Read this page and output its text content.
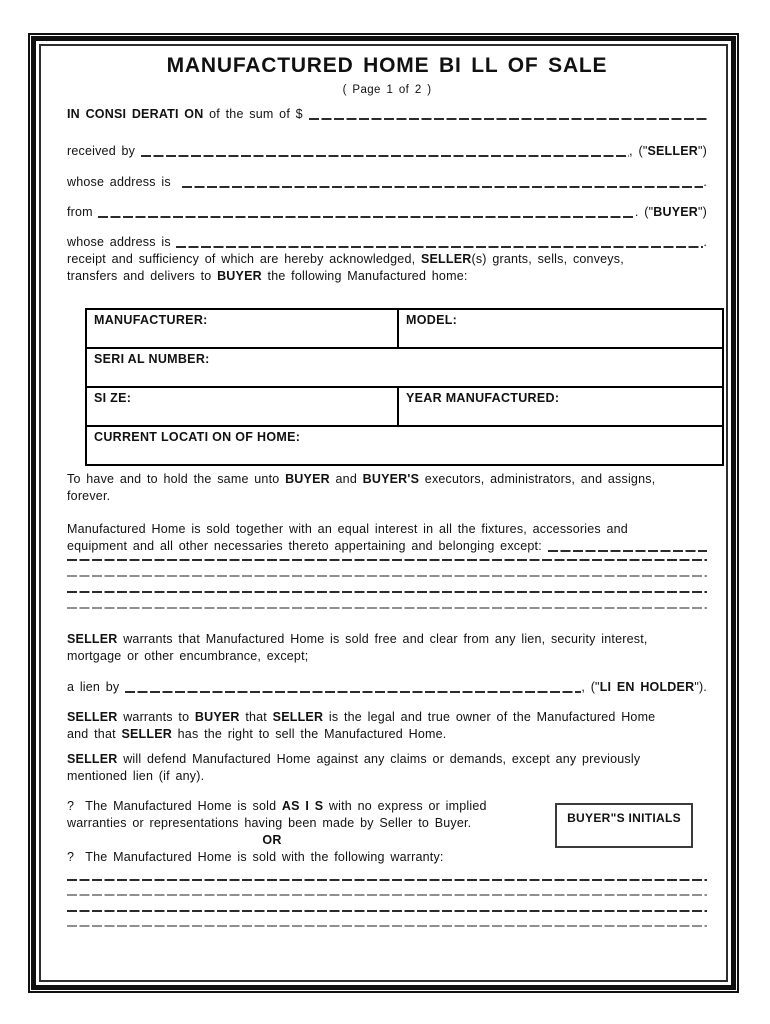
MANUFACTURED HOME BI LL OF SALE
( Page 1 of 2 )
IN CONSI DERATI ON of the sum of $
received by	, (" SELLER ")
whose address is	.
from	. (" BUYER ")
whose address is	.
receipt and sufficiency of which are hereby acknowledged, SELLER(s) grants, sells, conveys,
transfers and delivers to BUYER the following Manufactured home:
MANUFACTURER:	MODEL:
SERI AL NUMBER:	
SI ZE:	YEAR MANUFACTURED:
CURRENT LOCATI ON OF HOME:	
To have and to hold the same unto BUYER and BUYER'S executors, administrators, and assigns,
forever.
Manufactured Home is sold together with an equal interest in all the fixtures, accessories and
equipment and all other necessaries thereto appertaining and belonging except:
SELLER warrants that Manufactured Home is sold free and clear from any lien, security interest,
mortgage or other encumbrance, except;
a lien by	, (" LI EN HOLDER ").
SELLER warrants to BUYER that SELLER is the legal and true owner of the Manufactured Home
and that SELLER has the right to sell the Manufactured Home.
SELLER will defend Manufactured Home against any claims or demands, except any previously
mentioned lien (if any).
?  The Manufactured Home is sold AS I S with no express or implied
warranties or representations having been made by Seller to Buyer.
OR
?  The Manufactured Home is sold with the following warranty:
BUYER"S INITIALS
